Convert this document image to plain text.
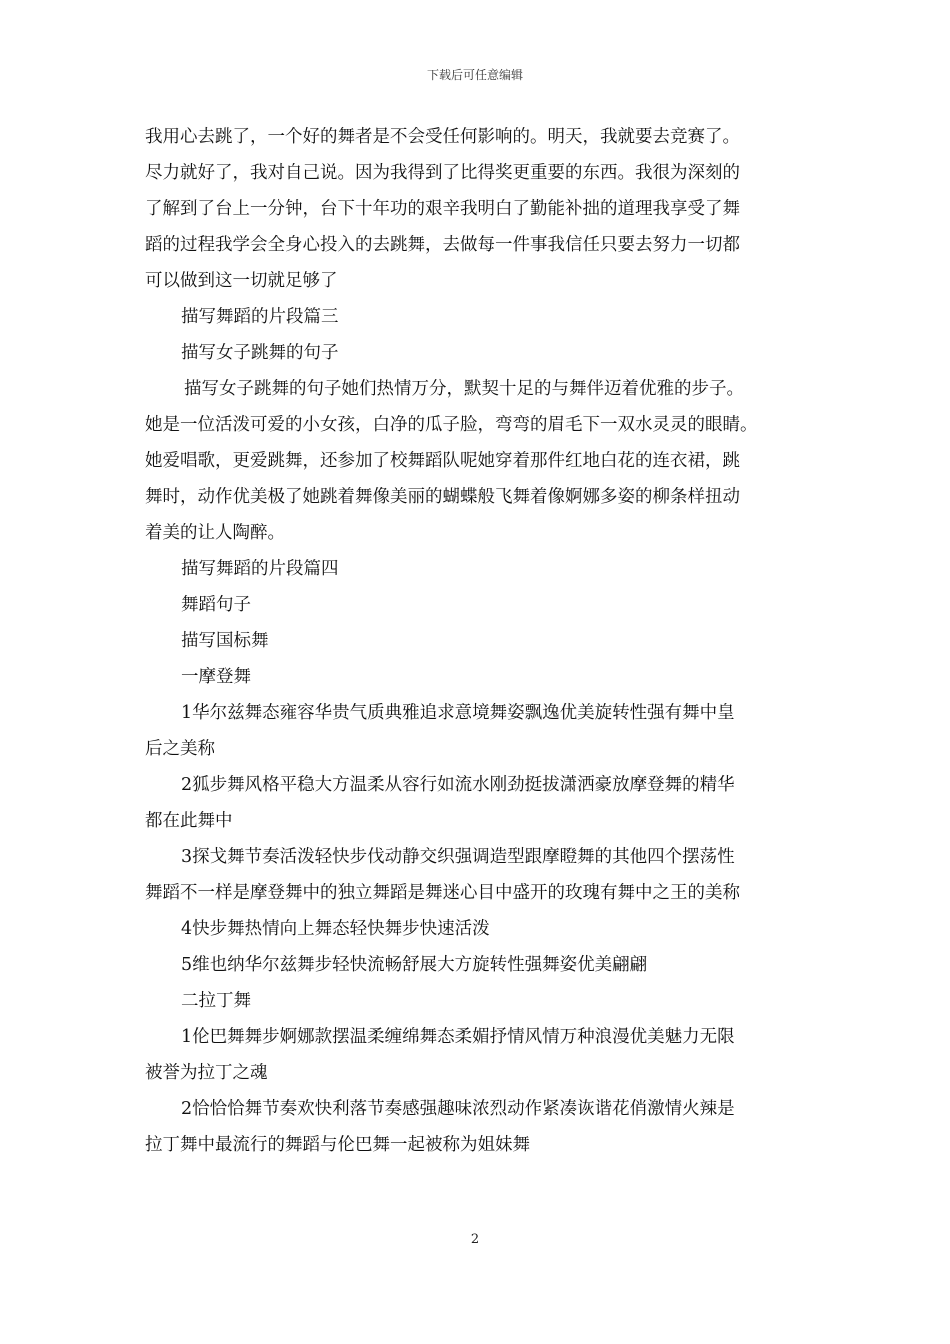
下载后可任意编辑

我用心去跳了，一个好的舞者是不会受任何影响的。明天，我就要去竞赛了。

尽力就好了，我对自己说。因为我得到了比得奖更重要的东西。我很为深刻的

了解到了台上一分钟，台下十年功的艰辛我明白了勤能补拙的道理我享受了舞

蹈的过程我学会全身心投入的去跳舞，去做每一件事我信任只要去努力一切都

可以做到这一切就足够了

描写舞蹈的片段篇三

描写女子跳舞的句子

描写女子跳舞的句子她们热情万分，默契十足的与舞伴迈着优雅的步子。

她是一位活泼可爱的小女孩，白净的瓜子脸，弯弯的眉毛下一双水灵灵的眼睛。

她爱唱歌，更爱跳舞，还参加了校舞蹈队呢她穿着那件红地白花的连衣裙，跳

舞时，动作优美极了她跳着舞像美丽的蝴蝶般飞舞着像婀娜多姿的柳条样扭动

着美的让人陶醉。

描写舞蹈的片段篇四

舞蹈句子

描写国标舞

一摩登舞

1华尔兹舞态雍容华贵气质典雅追求意境舞姿飘逸优美旋转性强有舞中皇

后之美称

2狐步舞风格平稳大方温柔从容行如流水刚劲挺拔潇洒豪放摩登舞的精华

都在此舞中

3探戈舞节奏活泼轻快步伐动静交织强调造型跟摩瞪舞的其他四个摆荡性

舞蹈不一样是摩登舞中的独立舞蹈是舞迷心目中盛开的玫瑰有舞中之王的美称

4快步舞热情向上舞态轻快舞步快速活泼

5维也纳华尔兹舞步轻快流畅舒展大方旋转性强舞姿优美翩翩

二拉丁舞

1伦巴舞舞步婀娜款摆温柔缠绵舞态柔媚抒情风情万种浪漫优美魅力无限

被誉为拉丁之魂

2恰恰恰舞节奏欢快利落节奏感强趣味浓烈动作紧凑诙谐花俏激情火辣是

拉丁舞中最流行的舞蹈与伦巴舞一起被称为姐妹舞

2
